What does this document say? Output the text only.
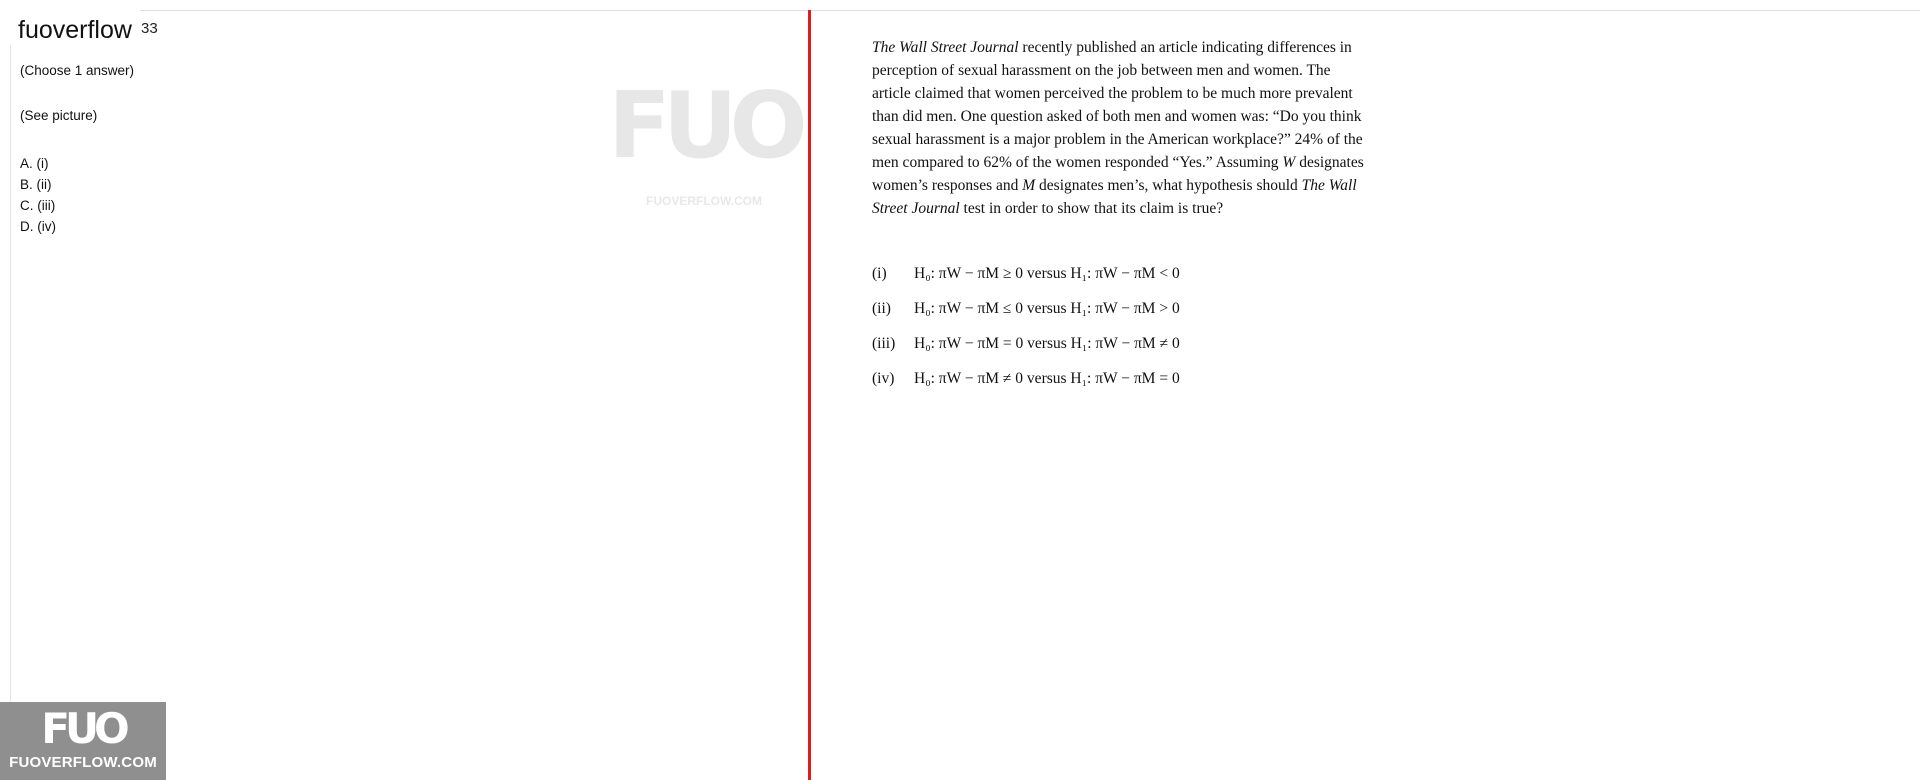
33
fuoverflow

(Choose 1 answer)

(See picture)

A. (i)
B. (ii)
C. (iii)
D. (iv)
FUO
FUOVERFLOW.COM

The Wall Street Journal recently published an article indicating differences in perception of sexual harassment on the job between men and women. The article claimed that women perceived the problem to be much more prevalent than did men. One question asked of both men and women was: “Do you think sexual harassment is a major problem in the American workplace?” 24% of the men compared to 62% of the women responded “Yes.” Assuming W designates women’s responses and M designates men’s, what hypothesis should The Wall Street Journal test in order to show that its claim is true?

(i) H₀: πW − πM ≥ 0 versus H₁: πW − πM < 0
(ii) H₀: πW − πM ≤ 0 versus H₁: πW − πM > 0
(iii) H₀: πW − πM = 0 versus H₁: πW − πM ≠ 0
(iv) H₀: πW − πM ≠ 0 versus H₁: πW − πM = 0
FUO
FUOVERFLOW.COM
